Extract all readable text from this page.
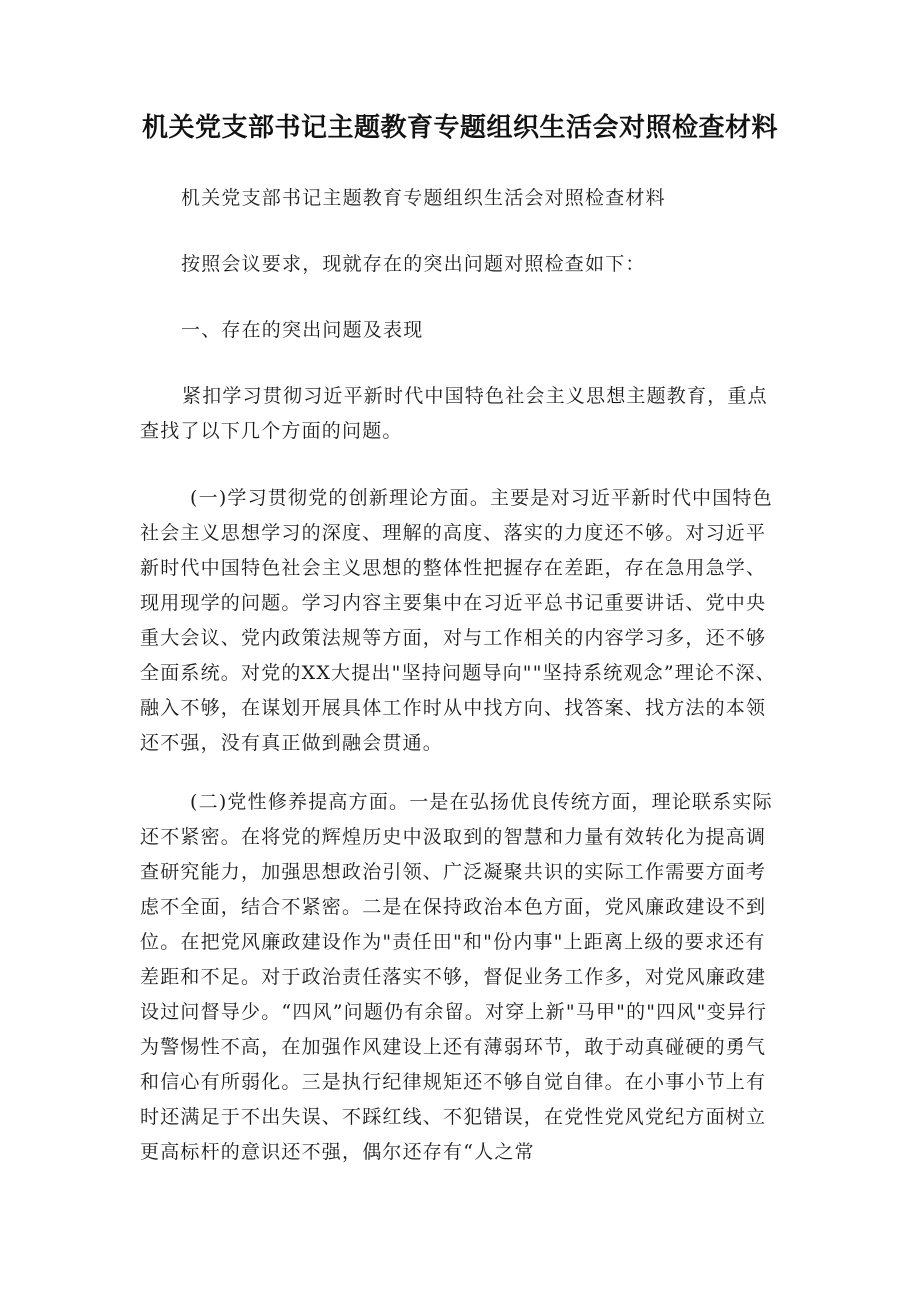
机关党支部书记主题教育专题组织生活会对照检查材料

机关党支部书记主题教育专题组织生活会对照检查材料

按照会议要求，现就存在的突出问题对照检查如下：

一、存在的突出问题及表现

紧扣学习贯彻习近平新时代中国特色社会主义思想主题教育，重点查找了以下几个方面的问题。

(一)学习贯彻党的创新理论方面。主要是对习近平新时代中国特色社会主义思想学习的深度、理解的高度、落实的力度还不够。对习近平新时代中国特色社会主义思想的整体性把握存在差距，存在急用急学、现用现学的问题。学习内容主要集中在习近平总书记重要讲话、党中央重大会议、党内政策法规等方面，对与工作相关的内容学习多，还不够全面系统。对党的XX大提出"坚持问题导向""坚持系统观念”理论不深、融入不够，在谋划开展具体工作时从中找方向、找答案、找方法的本领还不强，没有真正做到融会贯通。

(二)党性修养提高方面。一是在弘扬优良传统方面，理论联系实际还不紧密。在将党的辉煌历史中汲取到的智慧和力量有效转化为提高调查研究能力，加强思想政治引领、广泛凝聚共识的实际工作需要方面考虑不全面，结合不紧密。二是在保持政治本色方面，党风廉政建设不到位。在把党风廉政建设作为"责任田"和"份内事"上距离上级的要求还有差距和不足。对于政治责任落实不够，督促业务工作多，对党风廉政建设过问督导少。“四风”问题仍有余留。对穿上新"马甲"的"四风"变异行为警惕性不高，在加强作风建设上还有薄弱环节，敢于动真碰硬的勇气和信心有所弱化。三是执行纪律规矩还不够自觉自律。在小事小节上有时还满足于不出失误、不踩红线、不犯错误，在党性党风党纪方面树立更高标杆的意识还不强，偶尔还存有“人之常
